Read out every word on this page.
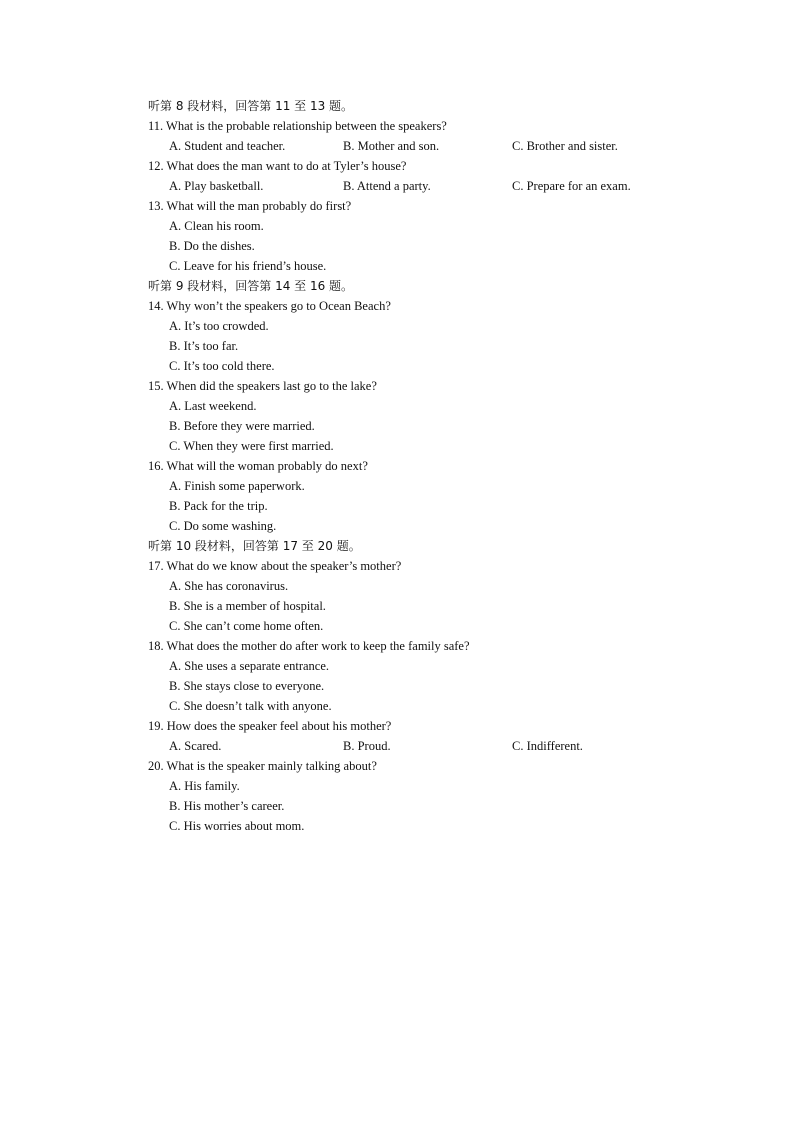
听第 8 段材料，回答第 11 至 13 题。
11. What is the probable relationship between the speakers?
A. Student and teacher.	B. Mother and son.	C. Brother and sister.
12. What does the man want to do at Tyler’s house?
A. Play basketball.	B. Attend a party.	C. Prepare for an exam.
13. What will the man probably do first?
A. Clean his room.
B. Do the dishes.
C. Leave for his friend’s house.
听第 9 段材料，回答第 14 至 16 题。
14. Why won’t the speakers go to Ocean Beach?
A. It’s too crowded.
B. It’s too far.
C. It’s too cold there.
15. When did the speakers last go to the lake?
A. Last weekend.
B. Before they were married.
C. When they were first married.
16. What will the woman probably do next?
A. Finish some paperwork.
B. Pack for the trip.
C. Do some washing.
听第 10 段材料，回答第 17 至 20 题。
17. What do we know about the speaker’s mother?
A. She has coronavirus.
B. She is a member of hospital.
C. She can’t come home often.
18. What does the mother do after work to keep the family safe?
A. She uses a separate entrance.
B. She stays close to everyone.
C. She doesn’t talk with anyone.
19. How does the speaker feel about his mother?
A. Scared.	B. Proud.	C. Indifferent.
20. What is the speaker mainly talking about?
A. His family.
B. His mother’s career.
C. His worries about mom.
